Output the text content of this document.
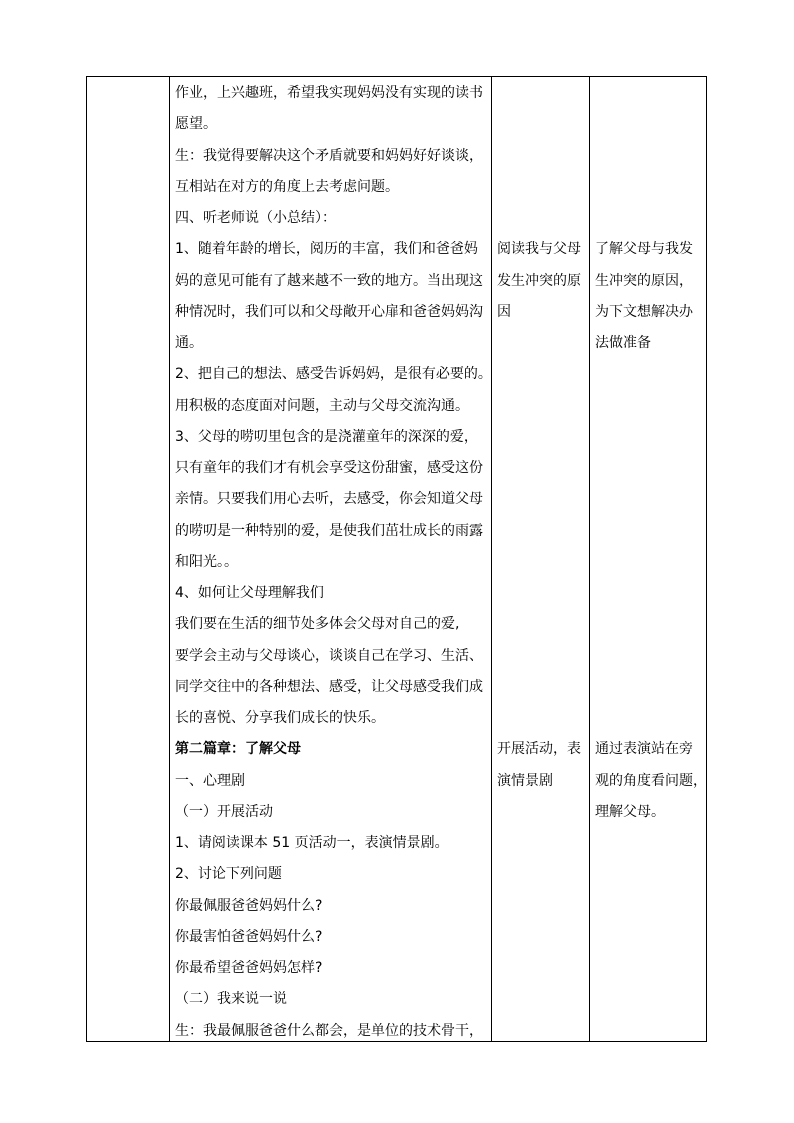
作业，上兴趣班，希望我实现妈妈没有实现的读书
愿望。
生：我觉得要解决这个矛盾就要和妈妈好好谈谈，
互相站在对方的角度上去考虑问题。
四、听老师说（小总结）：
1、随着年龄的增长，阅历的丰富，我们和爸爸妈
妈的意见可能有了越来越不一致的地方。当出现这
种情况时，我们可以和父母敞开心扉和爸爸妈妈沟
通。
2、把自己的想法、感受告诉妈妈，是很有必要的。
用积极的态度面对问题，主动与父母交流沟通。
3、父母的唠叨里包含的是浇灌童年的深深的爱，
只有童年的我们才有机会享受这份甜蜜，感受这份
亲情。只要我们用心去听，去感受，你会知道父母
的唠叨是一种特别的爱，是使我们茁壮成长的雨露
和阳光。。
4、如何让父母理解我们
我们要在生活的细节处多体会父母对自己的爱,
要学会主动与父母谈心，谈谈自己在学习、生活、
同学交往中的各种想法、感受，让父母感受我们成
长的喜悦、分享我们成长的快乐。
第二篇章：了解父母
一、心理剧
（一）开展活动
1、请阅读课本 51 页活动一，表演情景剧。
2、讨论下列问题
你最佩服爸爸妈妈什么?
你最害怕爸爸妈妈什么?
你最希望爸爸妈妈怎样?
（二）我来说一说
生：我最佩服爸爸什么都会，是单位的技术骨干，
阅读我与父母
发生冲突的原
因
开展活动，表
演情景剧
了解父母与我发
生冲突的原因，
为下文想解决办
法做准备
通过表演站在旁
观的角度看问题，
理解父母。
